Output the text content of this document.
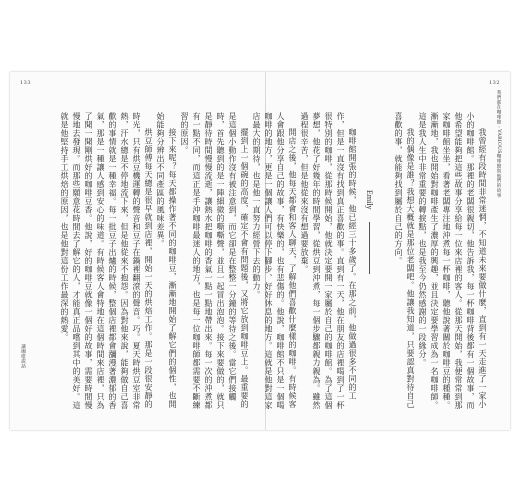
133
讓咖啡說話	擺到上一個碗的高度，確定不會有問題後，又將它放到咖啡豆上。最重要的是這個小動作沒有被注意到，而它卻是在整整一分鐘的等待之後。當它們接觸時，首先聽到的是一陣細微的嘶嘶聲，並且一起冒出泡泡。接下來要做的，就只是靜待時間慢慢流逝，讓熱水把咖啡的香氣一點一點地帶出來。每一次的沖煮都有一點不同，而這正是手沖咖啡最迷人的地方，也是每一位咖啡師都需要不斷練習的原因。

接下來呢？每天都操作著不同的咖啡豆，漸漸地開始了解它們的個性，也開始能夠分辨出不同產區的風味差異。

烘豆師傅每天總是很早就到店裡，開始一天的烘焙工作。那是一段很安靜的時光，只有烘豆機運轉的聲音和豆子在鍋裡翻滾的聲音。巧。夏天時烘豆室非常熱，汗水總是不停地流下來，但是他從來不抱怨。因為對他來說，能夠做自己喜歡的事情就是一種幸福。每一批豆子出爐的時候，整個店裡都會瀰漫著濃郁的香氣，那是一種讓人感到安心的味道。有時候客人會特地在這個時間來店裡，只為了聞一聞剛烘好的咖啡豆香。他說，好的咖啡豆就像一個好的故事，需要時間慢慢地去發現。而那些願意花時間去了解它的人，才能真正品嚐到其中的美好。這就是他堅持手工烘焙的原因，也是他對這份工作最深的熱愛。

132
我們都在咖啡館・VARIOUS咖啡館與他們的故事

我曾經有段時間非常迷惘，不知道未來要做什麼，直到有一天走進了一家小小的咖啡館。那裡的老闆很親切，他告訴我，每一杯咖啡背後都有一個故事，而他希望能夠把這些故事分享給每一位來店裡的客人。從那天開始，我便常常到那家咖啡館坐坐，看著老闆專注地沖煮每一杯咖啡，聽他說著關於咖啡豆的種種。漸漸地，我也開始對咖啡產生了濃厚的興趣，並且決定要學習成為一名咖啡師。這是我人生中非常重要的轉捩點，也是我至今仍然感謝的一段緣分。

我的偶像是誰？我想大概就是那位老闆吧。他讓我知道，只要認真對待自己喜歡的事，就能夠找到屬於自己的方向。

Emily

咖啡館開張的時候，他已經三十多歲了。在那之前，他做過很多不同的工作，但是一直沒有找到真正喜歡的事。直到有一天，他在朋友的店裡喝到了一杯很特別的咖啡，從那時候開始，他就決定要開一家屬於自己的咖啡館。為了這個夢想，他花了好幾年的時間學習，從烘豆到沖煮，每一個步驟都親力親為。雖然過程很辛苦，但是他從來沒有想過要放棄。

開店之後，他每天都會和客人聊天，了解他們喜歡什麼樣的咖啡。有時候客人會跟他分享自己的故事，有快樂的，也有悲傷的。他說，咖啡館不只是一個喝咖啡的地方，更是一個讓人們可以停下腳步、好好休息的地方。這就是他對這家店最大的期待，也是他一直努力經營下去的動力。
